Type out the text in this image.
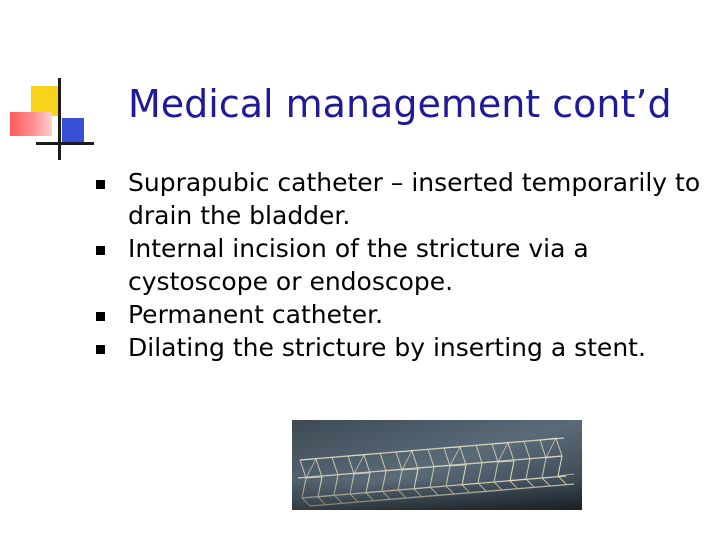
Medical management cont’d
Suprapubic catheter – inserted temporarily to drain the bladder.
Internal incision of the stricture via a cystoscope or endoscope.
Permanent catheter.
Dilating the stricture by inserting a stent.
